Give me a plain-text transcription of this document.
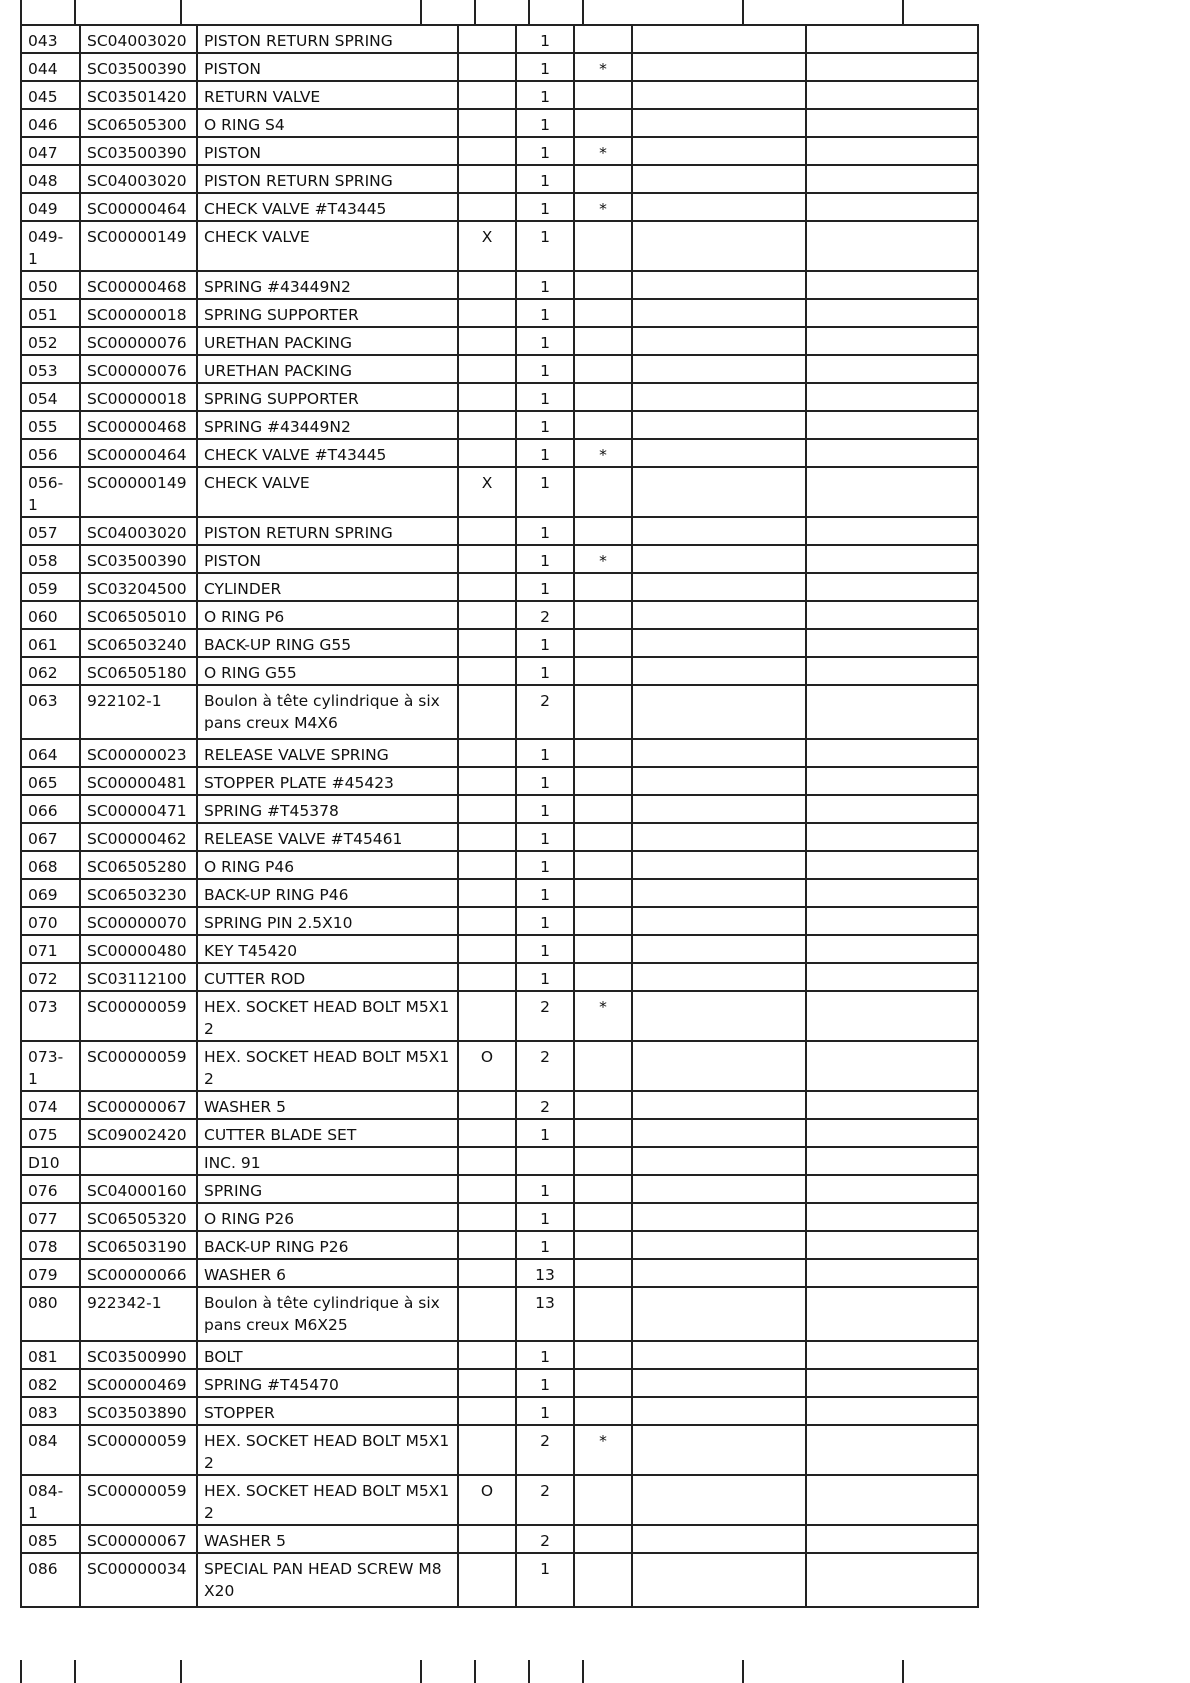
043	SC04003020	PISTON RETURN SPRING		1			
044	SC03500390	PISTON		1	*		
045	SC03501420	RETURN VALVE		1			
046	SC06505300	O RING S4		1			
047	SC03500390	PISTON		1	*		
048	SC04003020	PISTON RETURN SPRING		1			
049	SC00000464	CHECK VALVE #T43445		1	*		
049-1	SC00000149	CHECK VALVE	X	1			
050	SC00000468	SPRING #43449N2		1			
051	SC00000018	SPRING SUPPORTER		1			
052	SC00000076	URETHAN PACKING		1			
053	SC00000076	URETHAN PACKING		1			
054	SC00000018	SPRING SUPPORTER		1			
055	SC00000468	SPRING #43449N2		1			
056	SC00000464	CHECK VALVE #T43445		1	*		
056-1	SC00000149	CHECK VALVE	X	1			
057	SC04003020	PISTON RETURN SPRING		1			
058	SC03500390	PISTON		1	*		
059	SC03204500	CYLINDER		1			
060	SC06505010	O RING P6		2			
061	SC06503240	BACK-UP RING G55		1			
062	SC06505180	O RING G55		1			
063	922102-1	Boulon à tête cylindrique à six pans creux M4X6		2			
064	SC00000023	RELEASE VALVE SPRING		1			
065	SC00000481	STOPPER PLATE #45423		1			
066	SC00000471	SPRING #T45378		1			
067	SC00000462	RELEASE VALVE #T45461		1			
068	SC06505280	O RING P46		1			
069	SC06503230	BACK-UP RING P46		1			
070	SC00000070	SPRING PIN 2.5X10		1			
071	SC00000480	KEY T45420		1			
072	SC03112100	CUTTER ROD		1			
073	SC00000059	HEX. SOCKET HEAD BOLT M5X12		2	*		
073-1	SC00000059	HEX. SOCKET HEAD BOLT M5X12	O	2			
074	SC00000067	WASHER 5		2			
075	SC09002420	CUTTER BLADE SET		1			
D10		INC. 91					
076	SC04000160	SPRING		1			
077	SC06505320	O RING P26		1			
078	SC06503190	BACK-UP RING P26		1			
079	SC00000066	WASHER 6		13			
080	922342-1	Boulon à tête cylindrique à six pans creux M6X25		13			
081	SC03500990	BOLT		1			
082	SC00000469	SPRING #T45470		1			
083	SC03503890	STOPPER		1			
084	SC00000059	HEX. SOCKET HEAD BOLT M5X12		2	*		
084-1	SC00000059	HEX. SOCKET HEAD BOLT M5X12	O	2			
085	SC00000067	WASHER 5		2			
086	SC00000034	SPECIAL PAN HEAD SCREW M8X20		1			
